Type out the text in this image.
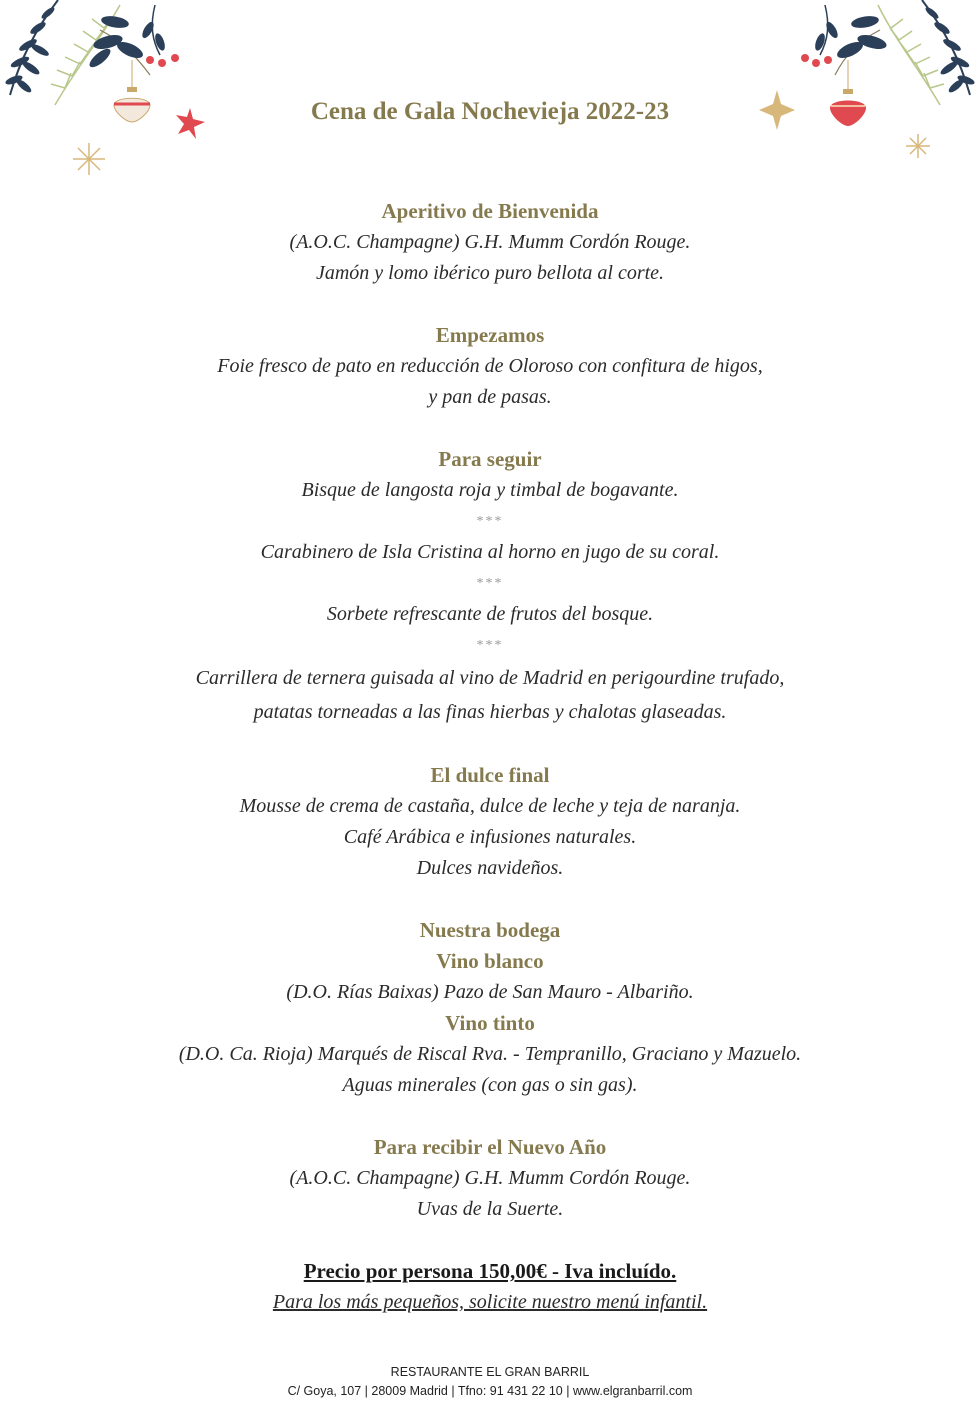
Cena de Gala Nochevieja 2022-23
Aperitivo de Bienvenida
(A.O.C. Champagne) G.H. Mumm Cordón Rouge.
Jamón y lomo ibérico puro bellota al corte.
Empezamos
Foie fresco de pato en reducción de Oloroso con confitura de higos,
y pan de pasas.
Para seguir
Bisque de langosta roja y timbal de bogavante.
***
Carabinero de Isla Cristina al horno en jugo de su coral.
***
Sorbete refrescante de frutos del bosque.
***
Carrillera de ternera guisada al vino de Madrid en perigourdine trufado,
patatas torneadas a las finas hierbas y chalotas glaseadas.
El dulce final
Mousse de crema de castaña, dulce de leche y teja de naranja.
Café Arábica e infusiones naturales.
Dulces navideños.
Nuestra bodega
Vino blanco
(D.O. Rías Baixas) Pazo de San Mauro - Albariño.
Vino tinto
(D.O. Ca. Rioja) Marqués de Riscal Rva. - Tempranillo, Graciano y Mazuelo.
Aguas minerales (con gas o sin gas).
Para recibir el Nuevo Año
(A.O.C. Champagne) G.H. Mumm Cordón Rouge.
Uvas de la Suerte.
Precio por persona 150,00€ - Iva incluído.
Para los más pequeños, solicite nuestro menú infantil.
RESTAURANTE EL GRAN BARRIL
C/ Goya, 107 | 28009 Madrid | Tfno: 91 431 22 10 | www.elgranbarril.com
